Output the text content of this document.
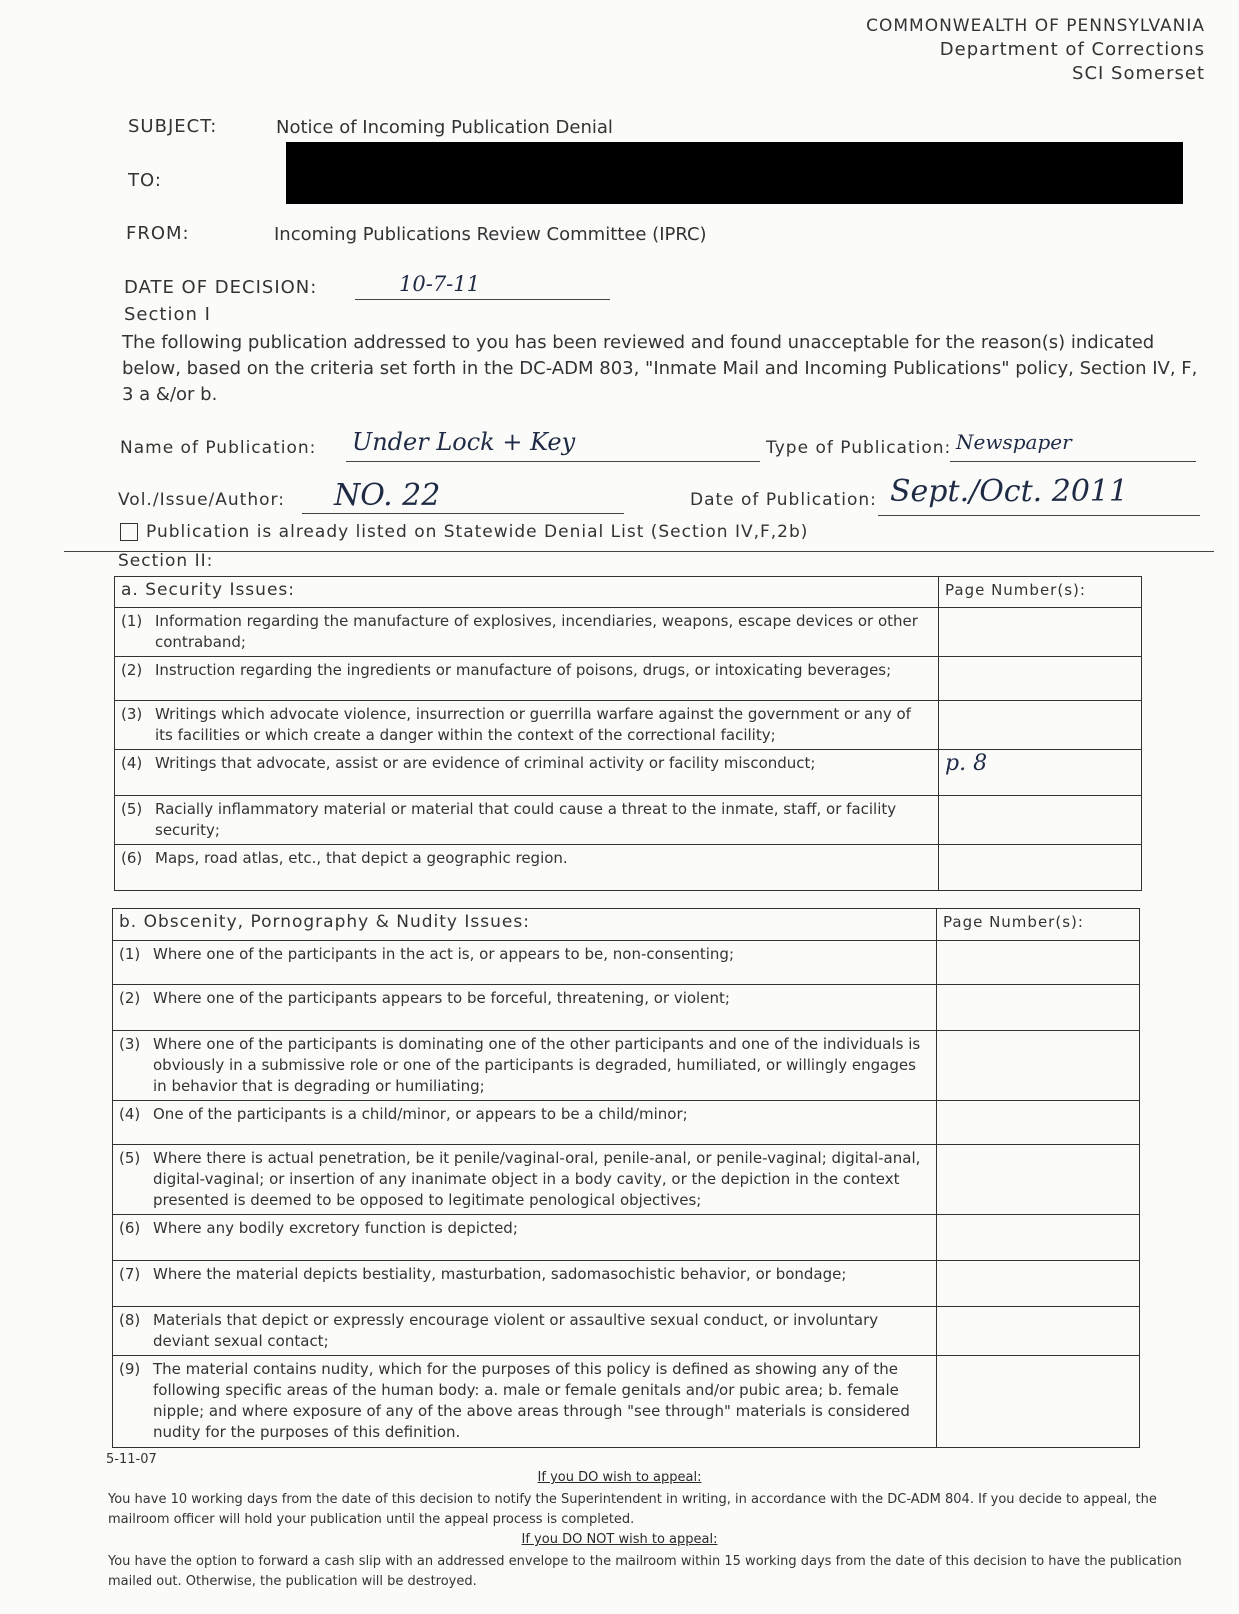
COMMONWEALTH OF PENNSYLVANIA
Department of Corrections
SCI Somerset
SUBJECT:	Notice of Incoming Publication Denial
TO:
FROM:	Incoming Publications Review Committee (IPRC)
DATE OF DECISION:	10-7-11
Section I
The following publication addressed to you has been reviewed and found unacceptable for the reason(s) indicated below, based on the criteria set forth in the DC-ADM 803, "Inmate Mail and Incoming Publications" policy, Section IV, F, 3 a &/or b.
Name of Publication: Under Lock + Key	Type of Publication: Newspaper
Vol./Issue/Author:	NO. 22	Date of Publication: Sept./Oct. 2011
Publication is already listed on Statewide Denial List (Section IV,F,2b)
Section II:
a. Security Issues:	Page Number(s):

(1) Information regarding the manufacture of explosives, incendiaries, weapons, escape devices or other contraband;	

(2) Instruction regarding the ingredients or manufacture of poisons, drugs, or intoxicating beverages;	

(3) Writings which advocate violence, insurrection or guerrilla warfare against the government or any of its facilities or which create a danger within the context of the correctional facility;	

(4) Writings that advocate, assist or are evidence of criminal activity or facility misconduct;	p. 8

(5) Racially inflammatory material or material that could cause a threat to the inmate, staff, or facility security;	

(6) Maps, road atlas, etc., that depict a geographic region.	

b. Obscenity, Pornography & Nudity Issues:	Page Number(s):

(1) Where one of the participants in the act is, or appears to be, non-consenting;	

(2) Where one of the participants appears to be forceful, threatening, or violent;	

(3) Where one of the participants is dominating one of the other participants and one of the individuals is obviously in a submissive role or one of the participants is degraded, humiliated, or willingly engages in behavior that is degrading or humiliating;	

(4) One of the participants is a child/minor, or appears to be a child/minor;	

(5) Where there is actual penetration, be it penile/vaginal-oral, penile-anal, or penile-vaginal; digital-anal, digital-vaginal; or insertion of any inanimate object in a body cavity, or the depiction in the context presented is deemed to be opposed to legitimate penological objectives;	

(6) Where any bodily excretory function is depicted;	

(7) Where the material depicts bestiality, masturbation, sadomasochistic behavior, or bondage;	

(8) Materials that depict or expressly encourage violent or assaultive sexual conduct, or involuntary deviant sexual contact;	

(9) The material contains nudity, which for the purposes of this policy is defined as showing any of the following specific areas of the human body: a. male or female genitals and/or pubic area; b. female nipple; and where exposure of any of the above areas through "see through" materials is considered nudity for the purposes of this definition.	

5-11-07
If you DO wish to appeal:
You have 10 working days from the date of this decision to notify the Superintendent in writing, in accordance with the DC-ADM 804. If you decide to appeal, the mailroom officer will hold your publication until the appeal process is completed.
If you DO NOT wish to appeal:
You have the option to forward a cash slip with an addressed envelope to the mailroom within 15 working days from the date of this decision to have the publication mailed out. Otherwise, the publication will be destroyed.
